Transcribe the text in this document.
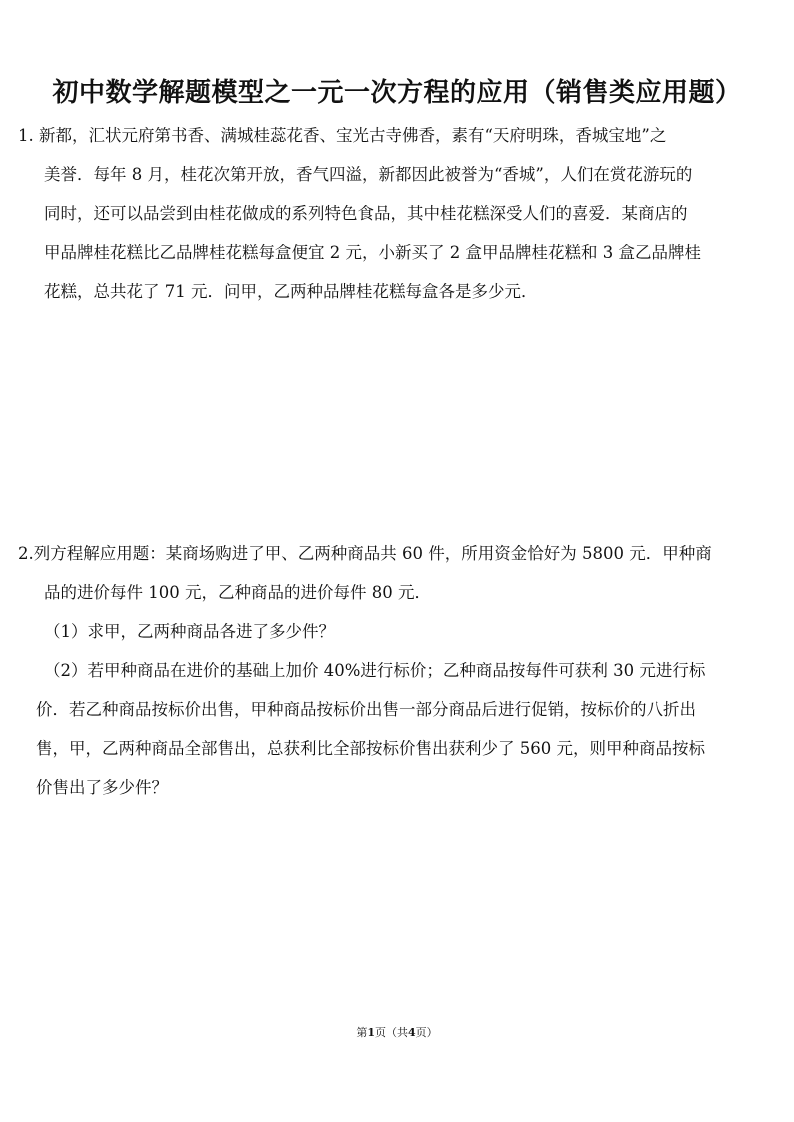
初中数学解题模型之一元一次方程的应用（销售类应用题）
1. 新都，汇状元府第书香、满城桂蕊花香、宝光古寺佛香，素有“天府明珠，香城宝地”之
美誉．每年 8 月，桂花次第开放，香气四溢，新都因此被誉为“香城”，人们在赏花游玩的
同时，还可以品尝到由桂花做成的系列特色食品，其中桂花糕深受人们的喜爱．某商店的
甲品牌桂花糕比乙品牌桂花糕每盒便宜 2 元，小新买了 2 盒甲品牌桂花糕和 3 盒乙品牌桂
花糕，总共花了 71 元．问甲，乙两种品牌桂花糕每盒各是多少元．
2.列方程解应用题：某商场购进了甲、乙两种商品共 60 件，所用资金恰好为 5800 元．甲种商
品的进价每件 100 元，乙种商品的进价每件 80 元．
（1）求甲，乙两种商品各进了多少件？
（2）若甲种商品在进价的基础上加价 40%进行标价；乙种商品按每件可获利 30 元进行标
价．若乙种商品按标价出售，甲种商品按标价出售一部分商品后进行促销，按标价的八折出
售，甲，乙两种商品全部售出，总获利比全部按标价售出获利少了 560 元，则甲种商品按标
价售出了多少件？
第1页（共4页）
